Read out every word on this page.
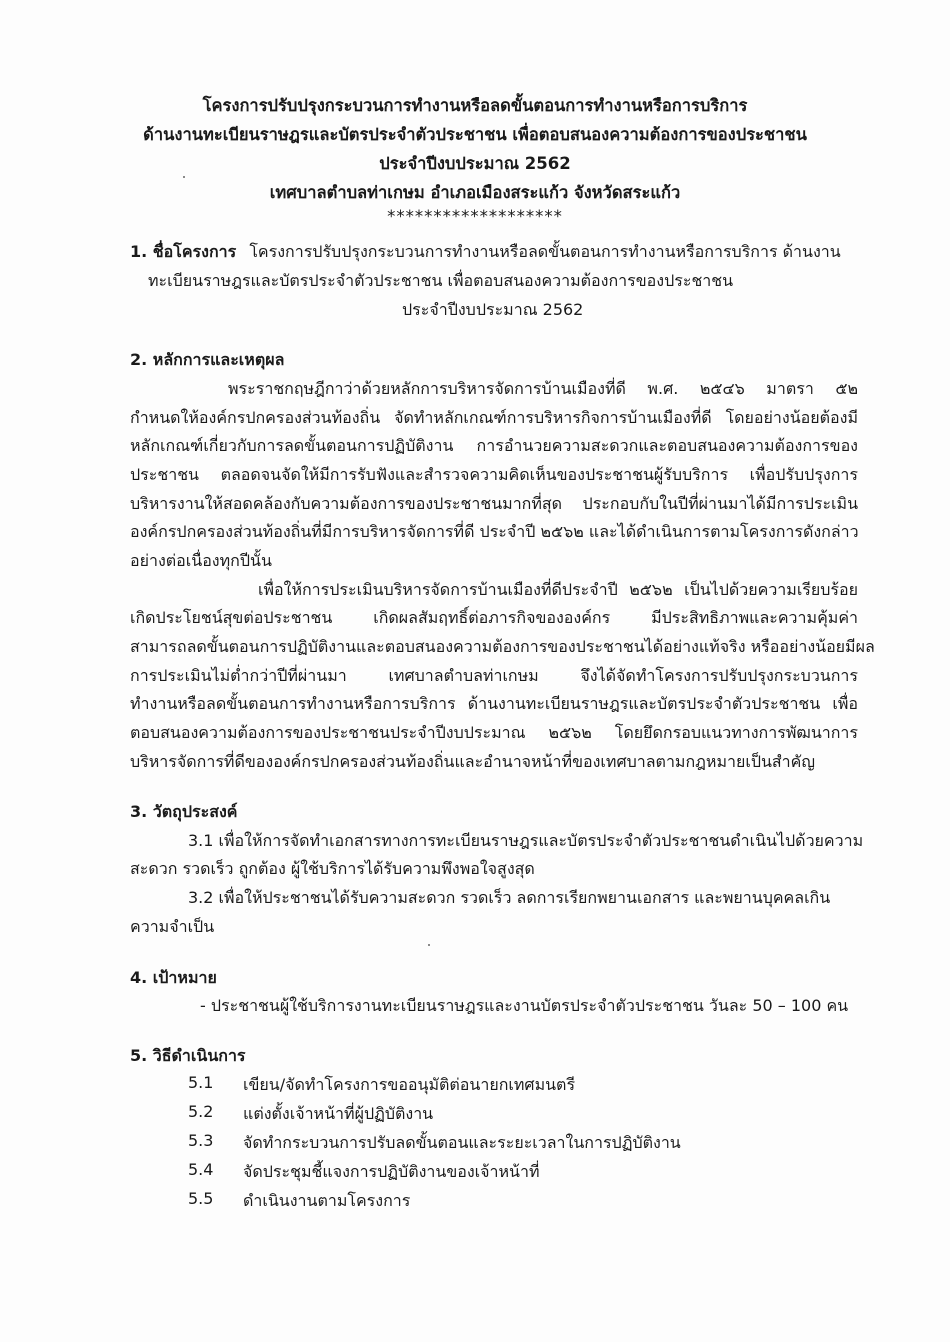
โครงการปรับปรุงกระบวนการทำงานหรือลดขั้นตอนการทำงานหรือการบริการ
ด้านงานทะเบียนราษฎรและบัตรประจำตัวประชาชน เพื่อตอบสนองความต้องการของประชาชน
ประจำปีงบประมาณ 2562
เทศบาลตำบลท่าเกษม อำเภอเมืองสระแก้ว จังหวัดสระแก้ว
*******************
1. ชื่อโครงการ โครงการปรับปรุงกระบวนการทำงานหรือลดขั้นตอนการทำงานหรือการบริการ ด้านงาน
ทะเบียนราษฎรและบัตรประจำตัวประชาชน เพื่อตอบสนองความต้องการของประชาชน
ประจำปีงบประมาณ 2562
2. หลักการและเหตุผล
พระราชกฤษฎีกาว่าด้วยหลักการบริหารจัดการบ้านเมืองที่ดี พ.ศ. ๒๕๔๖ มาตรา ๕๒
กำหนดให้องค์กรปกครองส่วนท้องถิ่น จัดทำหลักเกณฑ์การบริหารกิจการบ้านเมืองที่ดี โดยอย่างน้อยต้องมี
หลักเกณฑ์เกี่ยวกับการลดขั้นตอนการปฏิบัติงาน การอำนวยความสะดวกและตอบสนองความต้องการของ
ประชาชน ตลอดจนจัดให้มีการรับฟังและสำรวจความคิดเห็นของประชาชนผู้รับบริการ เพื่อปรับปรุงการ
บริหารงานให้สอดคล้องกับความต้องการของประชาชนมากที่สุด ประกอบกับในปีที่ผ่านมาได้มีการประเมิน
องค์กรปกครองส่วนท้องถิ่นที่มีการบริหารจัดการที่ดี ประจำปี ๒๕๖๒ และได้ดำเนินการตามโครงการดังกล่าว
อย่างต่อเนื่องทุกปีนั้น
เพื่อให้การประเมินบริหารจัดการบ้านเมืองที่ดีประจำปี ๒๕๖๒ เป็นไปด้วยความเรียบร้อย
เกิดประโยชน์สุขต่อประชาชน เกิดผลสัมฤทธิ์ต่อภารกิจขององค์กร มีประสิทธิภาพและความคุ้มค่า
สามารถลดขั้นตอนการปฏิบัติงานและตอบสนองความต้องการของประชาชนได้อย่างแท้จริง หรืออย่างน้อยมีผล
การประเมินไม่ต่ำกว่าปีที่ผ่านมา เทศบาลตำบลท่าเกษม จึงได้จัดทำโครงการปรับปรุงกระบวนการ
ทำงานหรือลดขั้นตอนการทำงานหรือการบริการ ด้านงานทะเบียนราษฎรและบัตรประจำตัวประชาชน เพื่อ
ตอบสนองความต้องการของประชาชนประจำปีงบประมาณ ๒๕๖๒ โดยยึดกรอบแนวทางการพัฒนาการ
บริหารจัดการที่ดีขององค์กรปกครองส่วนท้องถิ่นและอำนาจหน้าที่ของเทศบาลตามกฎหมายเป็นสำคัญ
3. วัตถุประสงค์
3.1 เพื่อให้การจัดทำเอกสารทางการทะเบียนราษฎรและบัตรประจำตัวประชาชนดำเนินไปด้วยความ
สะดวก รวดเร็ว ถูกต้อง ผู้ใช้บริการได้รับความพึงพอใจสูงสุด
3.2 เพื่อให้ประชาชนได้รับความสะดวก รวดเร็ว ลดการเรียกพยานเอกสาร และพยานบุคคลเกิน
ความจำเป็น
4. เป้าหมาย
- ประชาชนผู้ใช้บริการงานทะเบียนราษฎรและงานบัตรประจำตัวประชาชน วันละ 50 – 100 คน
5. วิธีดำเนินการ
5.1 เขียน/จัดทำโครงการขออนุมัติต่อนายกเทศมนตรี
5.2 แต่งตั้งเจ้าหน้าที่ผู้ปฏิบัติงาน
5.3 จัดทำกระบวนการปรับลดขั้นตอนและระยะเวลาในการปฏิบัติงาน
5.4 จัดประชุมชี้แจงการปฏิบัติงานของเจ้าหน้าที่
5.5 ดำเนินงานตามโครงการ
